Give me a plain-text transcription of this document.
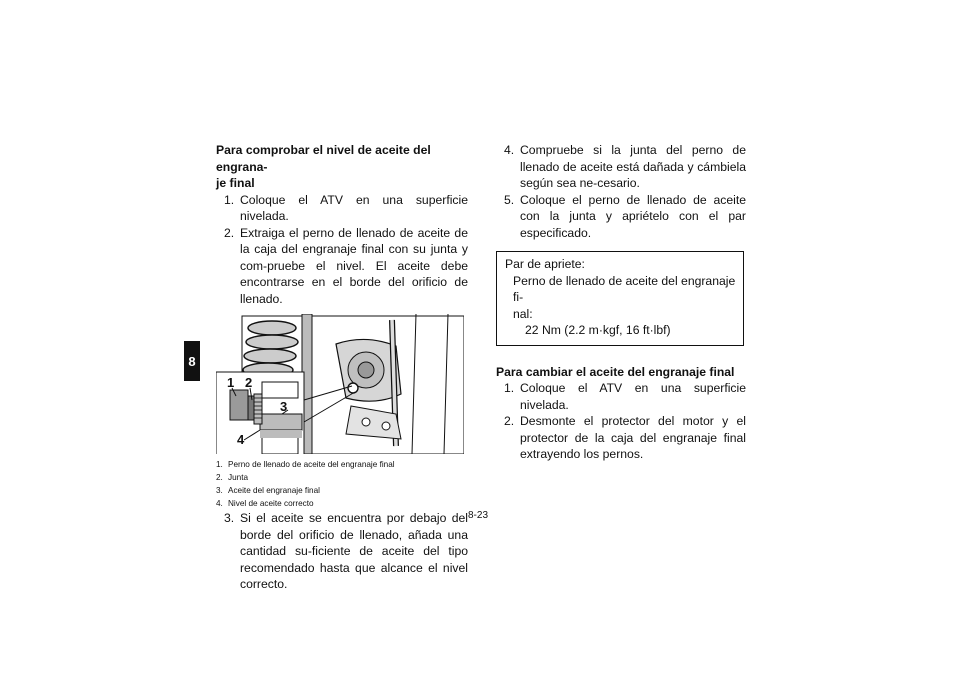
8

Para comprobar el nivel de aceite del engrana-
je final

1. Coloque el ATV en una superficie nivelada.
2. Extraiga el perno de llenado de aceite de la caja del engranaje final con su junta y com-pruebe el nivel. El aceite debe encontrarse en el borde del orificio de llenado.
1 2
3
4
1. Perno de llenado de aceite del engranaje final
2. Junta
3. Aceite del engranaje final
4. Nivel de aceite correcto
3. Si el aceite se encuentra por debajo del borde del orificio de llenado, añada una cantidad su-ficiente de aceite del tipo recomendado hasta que alcance el nivel correcto.
4. Compruebe si la junta del perno de llenado de aceite está dañada y cámbiela según sea ne-cesario.
5. Coloque el perno de llenado de aceite con la junta y apriételo con el par especificado.
Par de apriete:
Perno de llenado de aceite del engranaje fi-
nal:
22 Nm (2.2 m·kgf, 16 ft·lbf)

Para cambiar el aceite del engranaje final

1. Coloque el ATV en una superficie nivelada.
2. Desmonte el protector del motor y el protector de la caja del engranaje final extrayendo los pernos.
8-23
